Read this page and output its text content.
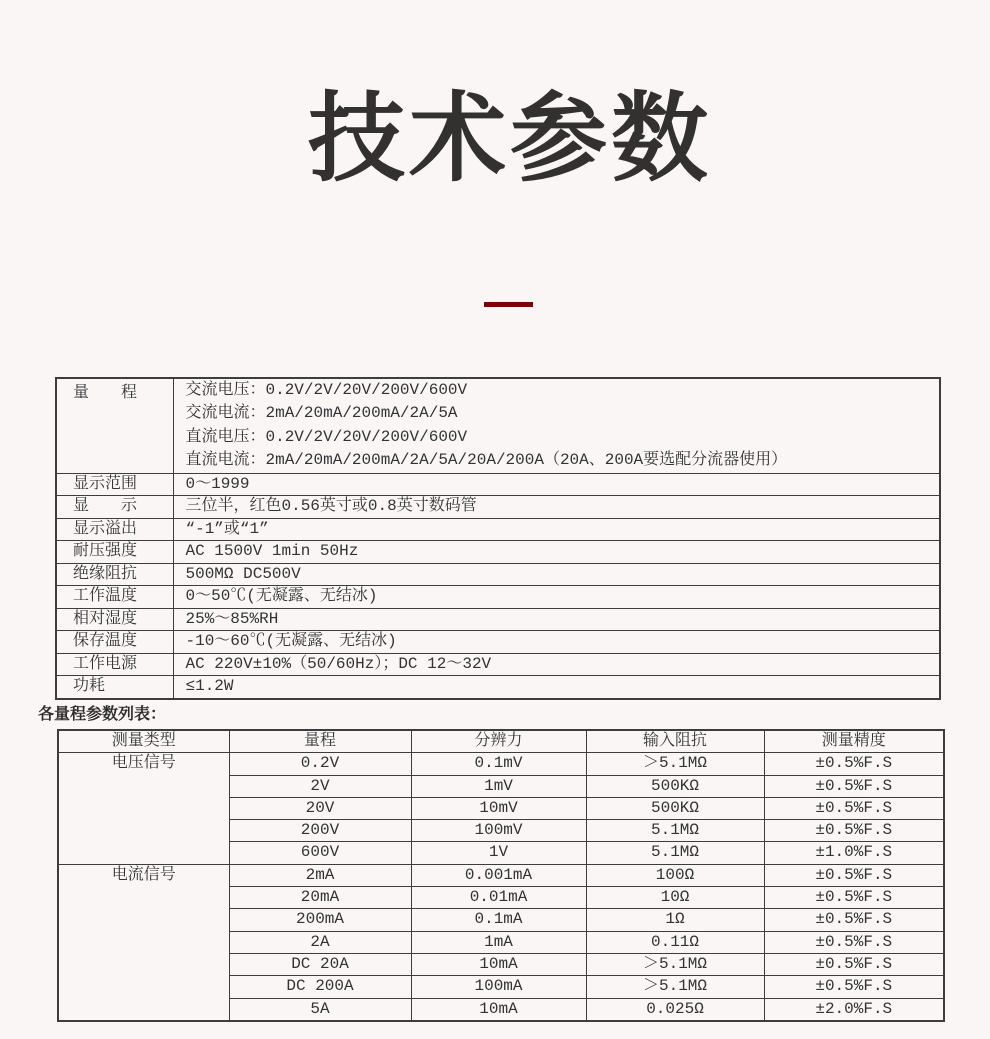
技术参数
量　　程	交流电压：0.2V/2V/20V/200V/600V
交流电流：2mA/20mA/200mA/2A/5A
直流电压：0.2V/2V/20V/200V/600V
直流电流：2mA/20mA/200mA/2A/5A/20A/200A（20A、200A要选配分流器使用）

显示范围	0～1999
显　　示	三位半，红色0.56英寸或0.8英寸数码管
显示溢出	“-1”或“1”
耐压强度	AC 1500V 1min 50Hz
绝缘阻抗	500MΩ DC500V
工作温度	0～50℃(无凝露、无结冰)
相对湿度	25%～85%RH
保存温度	-10～60℃(无凝露、无结冰)
工作电源	AC 220V±10%（50/60Hz）；DC 12～32V
功耗	≤1.2W
各量程参数列表：
测量类型	量程	分辨力	输入阻抗	测量精度
电压信号	0.2V	0.1mV	＞5.1MΩ	±0.5%F.S
	2V	1mV	500KΩ	±0.5%F.S
	20V	10mV	500KΩ	±0.5%F.S
	200V	100mV	5.1MΩ	±0.5%F.S
	600V	1V	5.1MΩ	±1.0%F.S
电流信号	2mA	0.001mA	100Ω	±0.5%F.S
	20mA	0.01mA	10Ω	±0.5%F.S
	200mA	0.1mA	1Ω	±0.5%F.S
	2A	1mA	0.11Ω	±0.5%F.S
	DC 20A	10mA	＞5.1MΩ	±0.5%F.S
	DC 200A	100mA	＞5.1MΩ	±0.5%F.S
	5A	10mA	0.025Ω	±2.0%F.S
